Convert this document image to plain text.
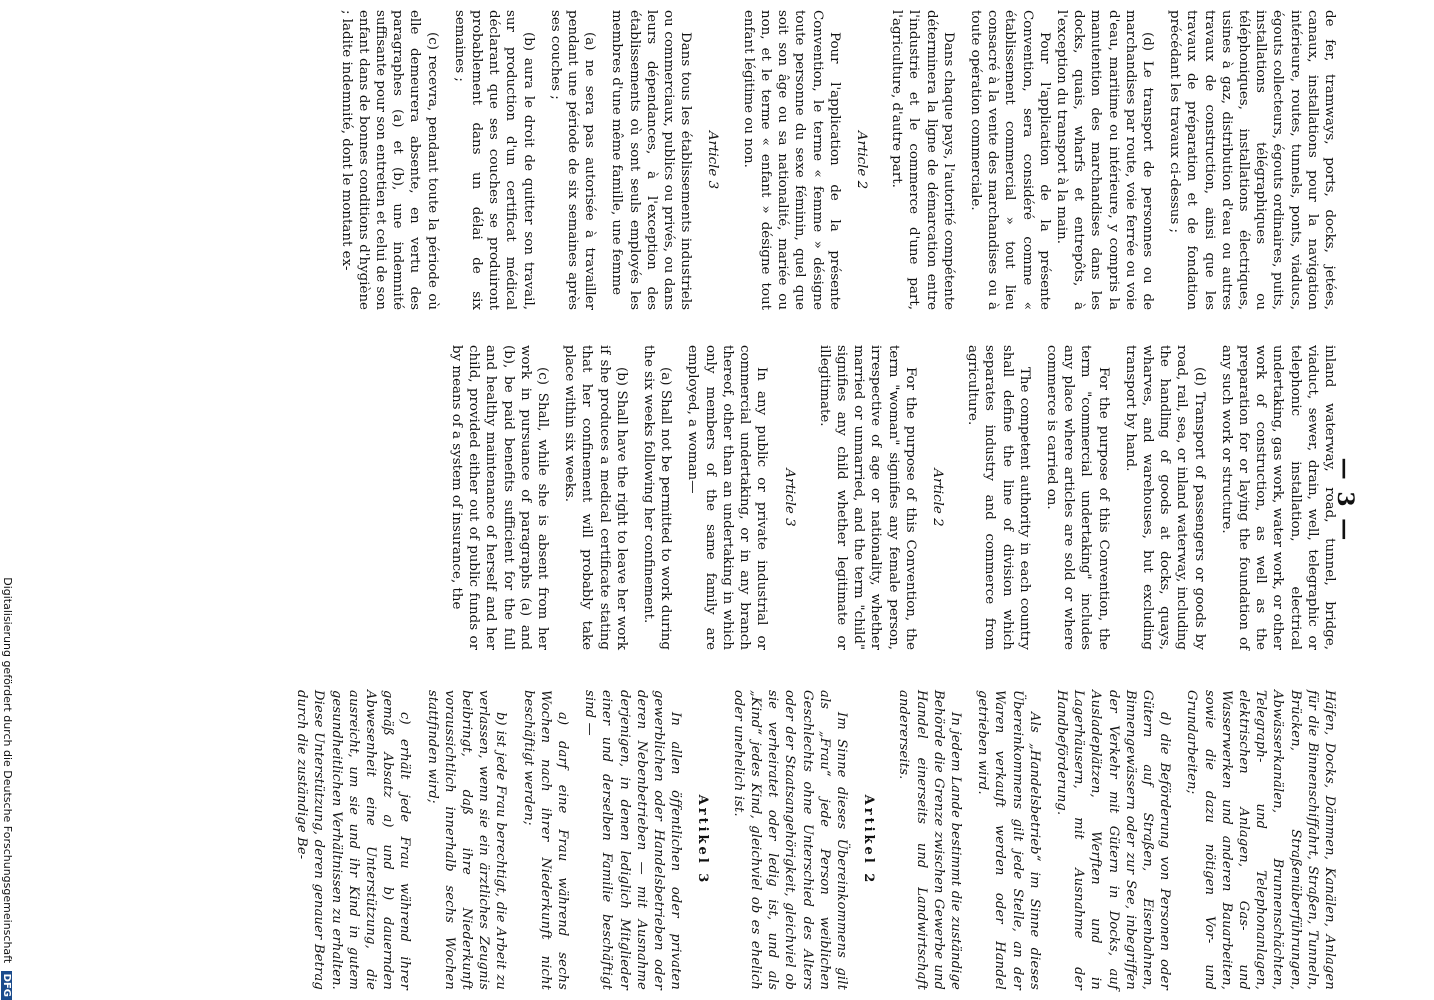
— 3 —

de fer, tramways, ports, docks, jetées, canaux, installations pour la navigation intérieure, routes, tunnels, ponts, viaducs, égouts collecteurs, égouts ordinaires, puits, installations télégraphiques ou téléphoniques, installations électriques, usines à gaz, distribution d'eau ou autres travaux de construction, ainsi que les travaux de préparation et de fondation précédant les travaux ci-dessus ;

(d) Le transport de personnes ou de marchandises par route, voie ferrée ou voie d'eau, maritime ou intérieure, y compris la manutention des marchandises dans les docks, quais, wharfs et entrepôts, à l'exception du transport à la main.

Pour l'application de la présente Convention, sera considéré comme « établissement commercial » tout lieu consacré à la vente des marchandises ou à toute opération commerciale.

Dans chaque pays, l'autorité compétente déterminera la ligne de démarcation entre l'industrie et le commerce d'une part, l'agriculture, d'autre part.

Article 2

Pour l'application de la présente Convention, le terme « femme » désigne toute personne du sexe féminin, quel que soit son âge ou sa nationalité, mariée ou non, et le terme « enfant » désigne tout enfant légitime ou non.

Article 3

Dans tous les établissements industriels ou commerciaux, publics ou privés, ou dans leurs dépendances, à l'exception des établissements où sont seuls employés les membres d'une même famille, une femme

(a) ne sera pas autorisée à travailler pendant une période de six semaines après ses couches ;

(b) aura le droit de quitter son travail, sur production d'un certificat médical déclarant que ses couches se produiront probablement dans un délai de six semaines ;

(c) recevra, pendant toute la période où elle demeurera absente, en vertu des paragraphes (a) et (b), une indemnité suffisante pour son entretien et celui de son enfant dans de bonnes conditions d'hygiène ; ladite indemnité, dont le montant ex-

inland waterway, road, tunnel, bridge, viaduct, sewer, drain, well, telegraphic or telephonic installation, electrical undertaking, gas work, water work, or other work of construction, as well as the preparation for or laying the foundation of any such work or structure.

(d) Transport of passengers or goods by road, rail, sea, or inland waterway, including the handling of goods at docks, quays, wharves, and warehouses, but excluding transport by hand.

For the purpose of this Convention, the term "commercial undertaking" includes any place where articles are sold or where commerce is carried on.

The competent authority in each country shall define the line of division which separates industry and commerce from agriculture.

Article 2

For the purpose of this Convention, the term "woman" signifies any female person, irrespective of age or nationality, whether married or unmarried, and the term "child" signifies any child whether legitimate or illegitimate.

Article 3

In any public or private industrial or commercial undertaking, or in any branch thereof, other than an undertaking in which only members of the same family are employed, a woman—

(a) Shall not be permitted to work during the six weeks following her confinement.

(b) Shall have the right to leave her work if she produces a medical certificate stating that her confinement will probably take place within six weeks.

(c) Shall, while she is absent from her work in pursuance of paragraphs (a) and (b), be paid benefits sufficient for the full and healthy maintenance of herself and her child, provided either out of public funds or by means of a system of insurance, the

Häfen, Docks, Dämmen, Kanälen, Anlagen für die Binnenschiffahrt, Straßen, Tunneln, Brücken, Straßenüberführungen, Abwässerkanälen, Brunnenschächten, Telegraph- und Telephonanlagen, elektrischen Anlagen, Gas- und Wasserwerken und anderen Bauarbeiten, sowie die dazu nötigen Vor- und Grundarbeiten;

d) die Beförderung von Personen oder Gütern auf Straßen, Eisenbahnen, Binnengewässern oder zur See, inbegriffen der Verkehr mit Gütern in Docks, auf Ausladeplätzen, Werften und in Lagerhäusern, mit Ausnahme der Handbeförderung.

Als „Handelsbetrieb“ im Sinne dieses Übereinkommens gilt jede Stelle, an der Waren verkauft werden oder Handel getrieben wird.

In jedem Lande bestimmt die zuständige Behörde die Grenze zwischen Gewerbe und Handel einerseits und Landwirtschaft andererseits.

Artikel 2

Im Sinne dieses Übereinkommens gilt als „Frau“ jede Person weiblichen Geschlechts ohne Unterschied des Alters oder der Staatsangehörigkeit, gleichviel ob sie verheiratet oder ledig ist, und als „Kind“ jedes Kind, gleichviel ob es ehelich oder unehelich ist.

Artikel 3

In allen öffentlichen oder privaten gewerblichen oder Handelsbetrieben oder deren Nebenbetrieben — mit Ausnahme derjenigen, in denen lediglich Mitglieder einer und derselben Familie beschäftigt sind —

a) darf eine Frau während sechs Wochen nach ihrer Niederkunft nicht beschäftigt werden;

b) ist jede Frau berechtigt, die Arbeit zu verlassen, wenn sie ein ärztliches Zeugnis beibringt, daß ihre Niederkunft voraussichtlich innerhalb sechs Wochen stattfinden wird;

c) erhält jede Frau während ihrer gemäß Absatz a) und b) dauernden Abwesenheit eine Unterstützung, die ausreicht, um sie und ihr Kind in gutem gesundheitlichen Verhältnissen zu erhalten. Diese Unterstützung, deren genauer Betrag durch die zuständige Be-

Digitalisierung gefördert durch die Deutsche Forschungsgemeinschaft DFG
